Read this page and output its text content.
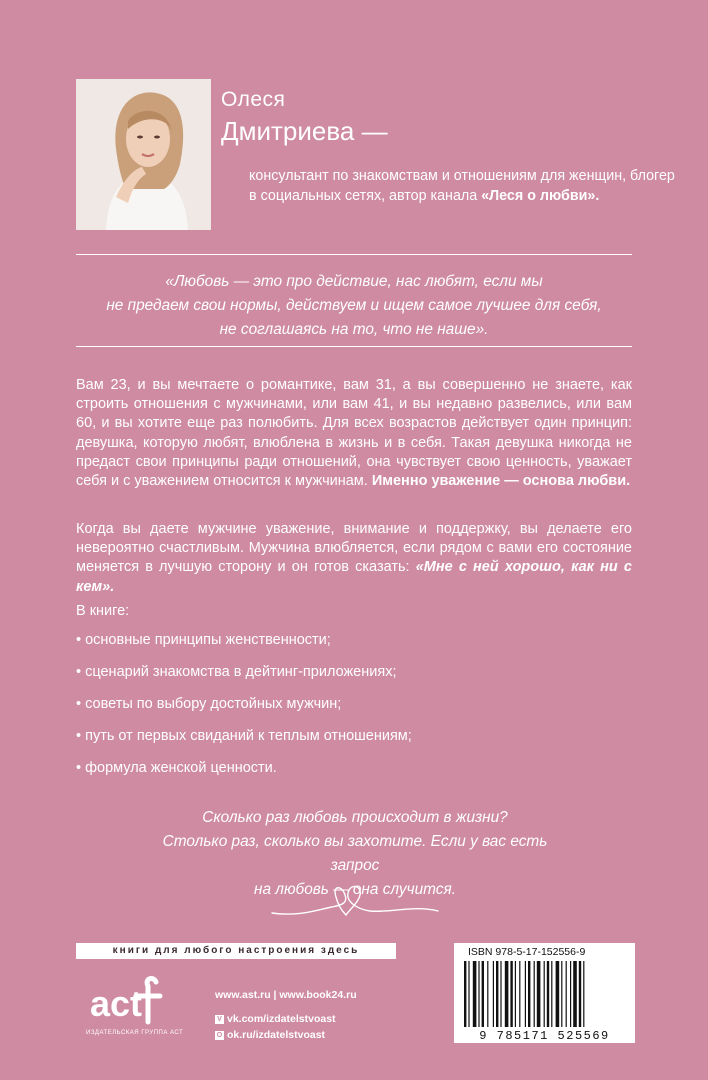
Олеся
Дмитриева —
консультант по знакомствам и отношениям для женщин, блогер в социальных сетях, автор канала «Леся о любви».
«Любовь — это про действие, нас любят, если мы
не предаем свои нормы, действуем и ищем самое лучшее для себя,
не соглашаясь на то, что не наше».
Вам 23, и вы мечтаете о романтике, вам 31, а вы совершенно не знаете, как строить отношения с мужчинами, или вам 41, и вы недавно развелись, или вам 60, и вы хотите еще раз полюбить. Для всех возрастов действует один принцип: девушка, которую любят, влюблена в жизнь и в себя. Такая девушка никогда не предаст свои принципы ради отношений, она чувствует свою ценность, уважает себя и с уважением относится к мужчинам. Именно уважение — основа любви.
Когда вы даете мужчине уважение, внимание и поддержку, вы делаете его невероятно счастливым. Мужчина влюбляется, если рядом с вами его состояние меняется в лучшую сторону и он готов сказать: «Мне с ней хорошо, как ни с кем».
В книге:
• основные принципы женственности;
• сценарий знакомства в дейтинг-приложениях;
• советы по выбору достойных мужчин;
• путь от первых свиданий к теплым отношениям;
• формула женской ценности.
Сколько раз любовь происходит в жизни?
Столько раз, сколько вы захотите. Если у вас есть запрос
на любовь — она случится.
книги для любого настроения здесь
act
ИЗДАТЕЛЬСКАЯ ГРУППА АСТ
www.ast.ru | www.book24.ru
V vk.com/izdatelstvoast
O ok.ru/izdatelstvoast
ISBN 978-5-17-152556-9
9 785171 525569
